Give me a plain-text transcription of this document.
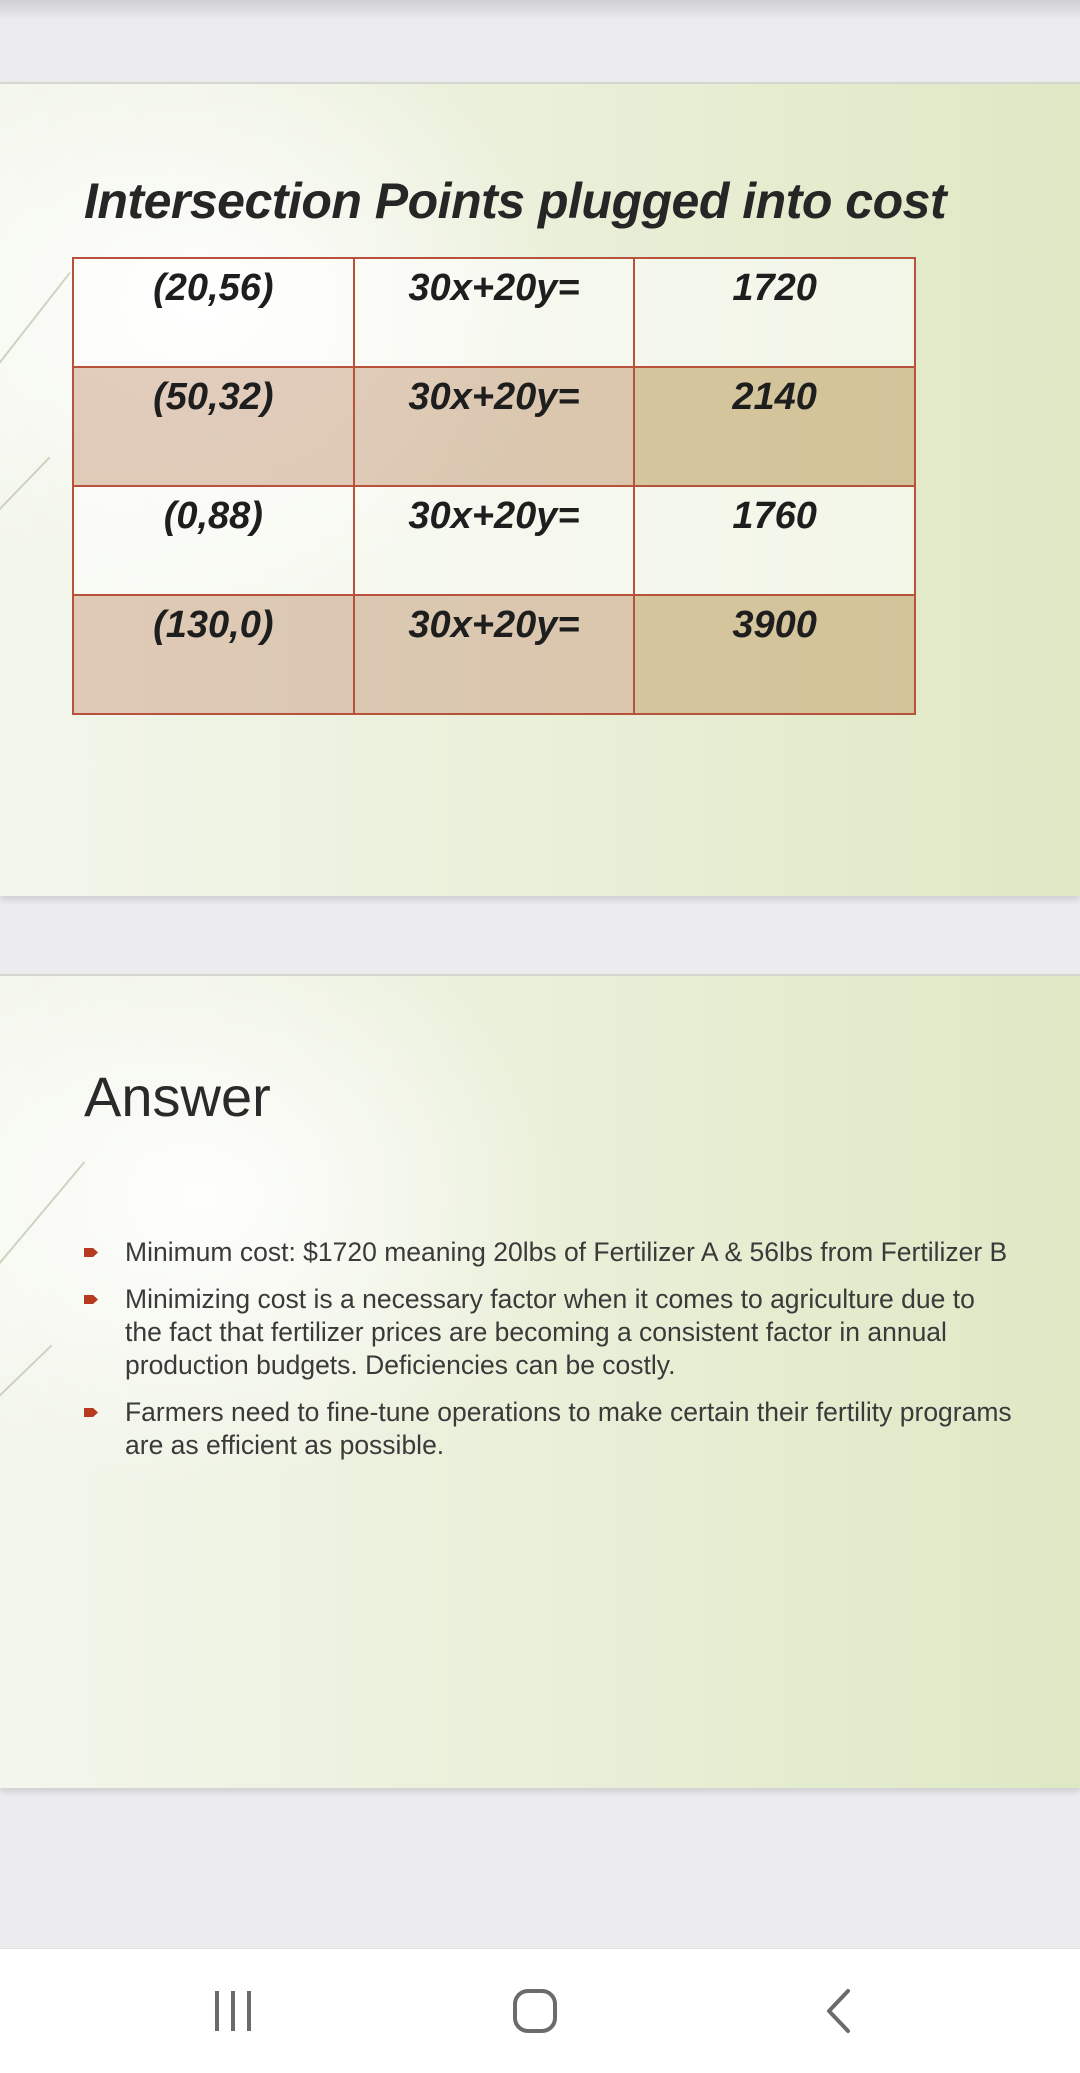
Intersection Points plugged into cost
(20,56)	30x+20y=	1720
(50,32)	30x+20y=	2140
(0,88)	30x+20y=	1760
(130,0)	30x+20y=	3900
Answer
Minimum cost: $1720 meaning 20lbs of Fertilizer A & 56lbs from Fertilizer B
Minimizing cost is a necessary factor when it comes to agriculture due to
the fact that fertilizer prices are becoming a consistent factor in annual
production budgets. Deficiencies can be costly.
Farmers need to fine-tune operations to make certain their fertility programs
are as efficient as possible.
